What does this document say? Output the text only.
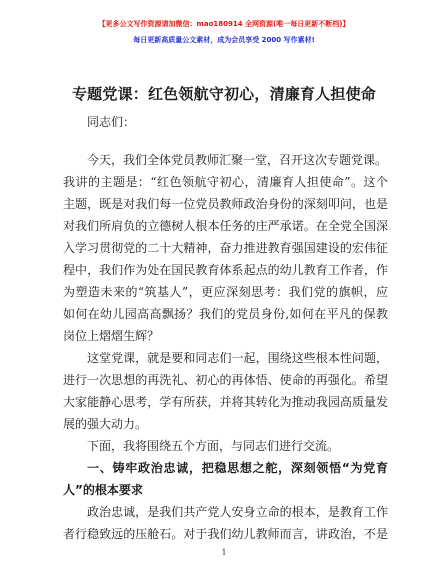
【更多公文写作资源请加微信：mao180914 全网资源(唯一每日更新不断档)】
每日更新高质量公文素材，成为会员享受 2000 写作素材!
专题党课：红色领航守初心，清廉育人担使命
同志们：
今天，我们全体党员教师汇聚一堂，召开这次专题党课。
我讲的主题是：“红色领航守初心，清廉育人担使命”。这个
主题，既是对我们每一位党员教师政治身份的深刻叩问，也是
对我们所肩负的立德树人根本任务的庄严承诺。在全党全国深
入学习贯彻党的二十大精神，奋力推进教育强国建设的宏伟征
程中，我们作为处在国民教育体系起点的幼儿教育工作者，作
为塑造未来的“筑基人”，更应深刻思考：我们党的旗帜，应
如何在幼儿园高高飘扬？我们的党员身份,如何在平凡的保教
岗位上熠熠生辉？
这堂党课，就是要和同志们一起，围绕这些根本性问题，
进行一次思想的再洗礼、初心的再体悟、使命的再强化。希望
大家能静心思考，学有所获，并将其转化为推动我园高质量发
展的强大动力。
下面，我将围绕五个方面，与同志们进行交流。
一、铸牢政治忠诚，把稳思想之舵，深刻领悟“为党育
人”的根本要求
政治忠诚，是我们共产党人安身立命的根本，是教育工作
者行稳致远的压舱石。对于我们幼儿教师而言，讲政治，不是
1
